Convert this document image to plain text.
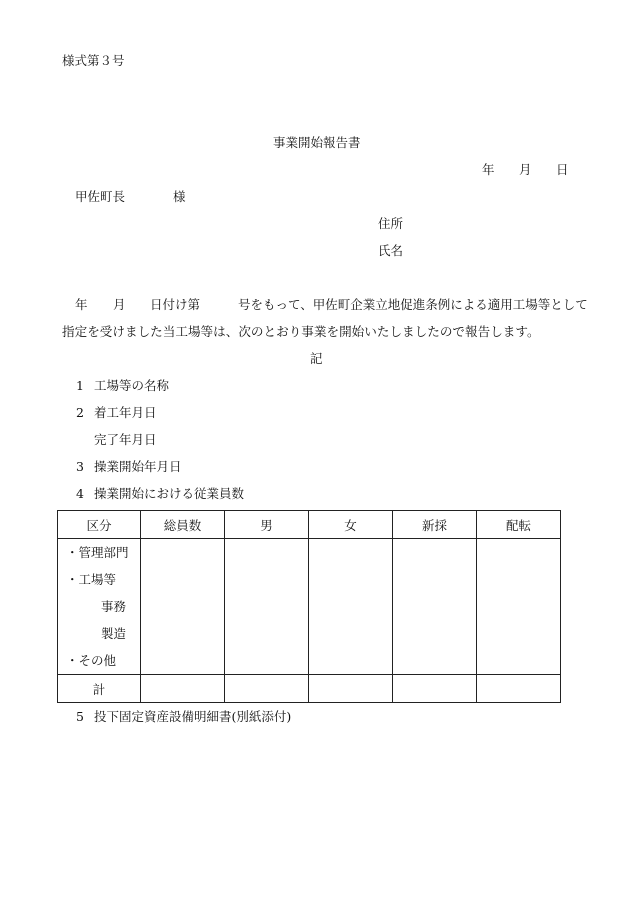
様式第３号
事業開始報告書
年 月 日
甲佐町長	様
住所
氏名
年 月 日付け第	号をもって、甲佐町企業立地促進条例による適用工場等として
指定を受けました当工場等は、次のとおり事業を開始いたしましたので報告します。
記
1 工場等の名称
2 着工年月日
完了年月日
3 操業開始年月日
4 操業開始における従業員数
区分	総員数	男	女	新採	配転

・管理部門
・工場等
事務
製造
・その他					

計					
5 投下固定資産設備明細書(別紙添付)
